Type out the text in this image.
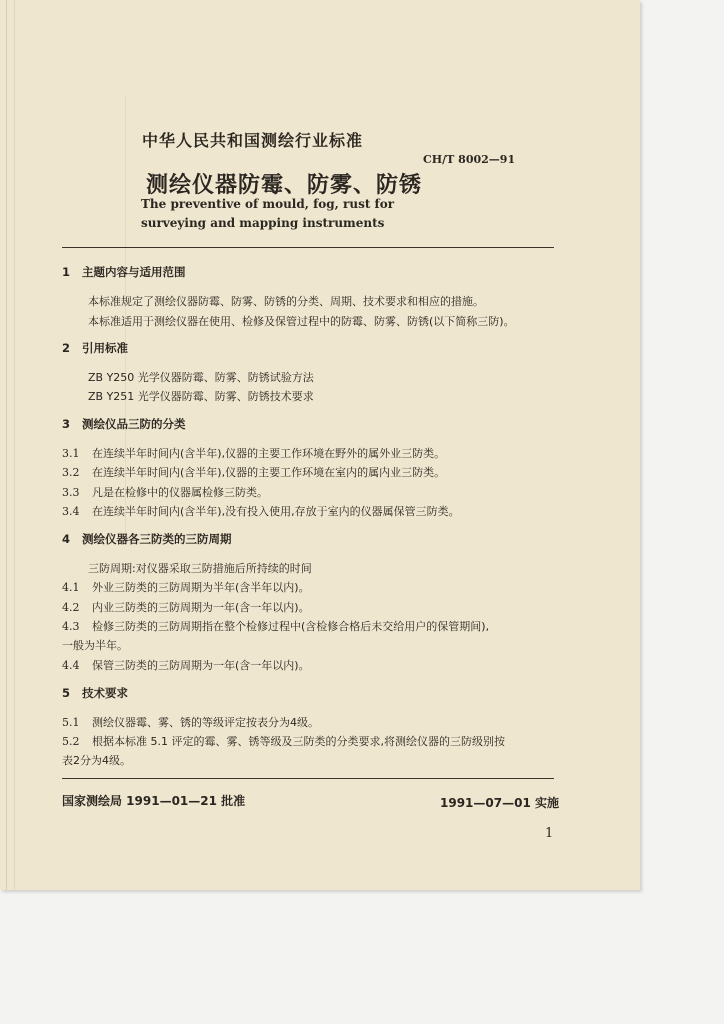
中华人民共和国测绘行业标准
CH/T 8002—91
测绘仪器防霉、防雾、防锈
The preventive of mould, fog, rust for
surveying and mapping instruments
1 主题内容与适用范围
本标准规定了测绘仪器防霉、防雾、防锈的分类、周期、技术要求和相应的措施。
本标准适用于测绘仪器在使用、检修及保管过程中的防霉、防雾、防锈(以下简称三防)。
2 引用标准
ZB Y250 光学仪器防霉、防雾、防锈试验方法
ZB Y251 光学仪器防霉、防雾、防锈技术要求
3 测绘仪品三防的分类
3.1 在连续半年时间内(含半年),仪器的主要工作环境在野外的属外业三防类。
3.2 在连续半年时间内(含半年),仪器的主要工作环境在室内的属内业三防类。
3.3 凡是在检修中的仪器属检修三防类。
3.4 在连续半年时间内(含半年),没有投入使用,存放于室内的仪器属保管三防类。
4 测绘仪器各三防类的三防周期
三防周期:对仪器采取三防措施后所持续的时间
4.1 外业三防类的三防周期为半年(含半年以内)。
4.2 内业三防类的三防周期为一年(含一年以内)。
4.3 检修三防类的三防周期指在整个检修过程中(含检修合格后未交给用户的保管期间),
一般为半年。
4.4 保管三防类的三防周期为一年(含一年以内)。
5 技术要求
5.1 测绘仪器霉、雾、锈的等级评定按表分为4级。
5.2 根据本标准 5.1 评定的霉、雾、锈等级及三防类的分类要求,将测绘仪器的三防级别按
表2分为4级。
国家测绘局 1991—01—21 批准	1991—07—01 实施
1
